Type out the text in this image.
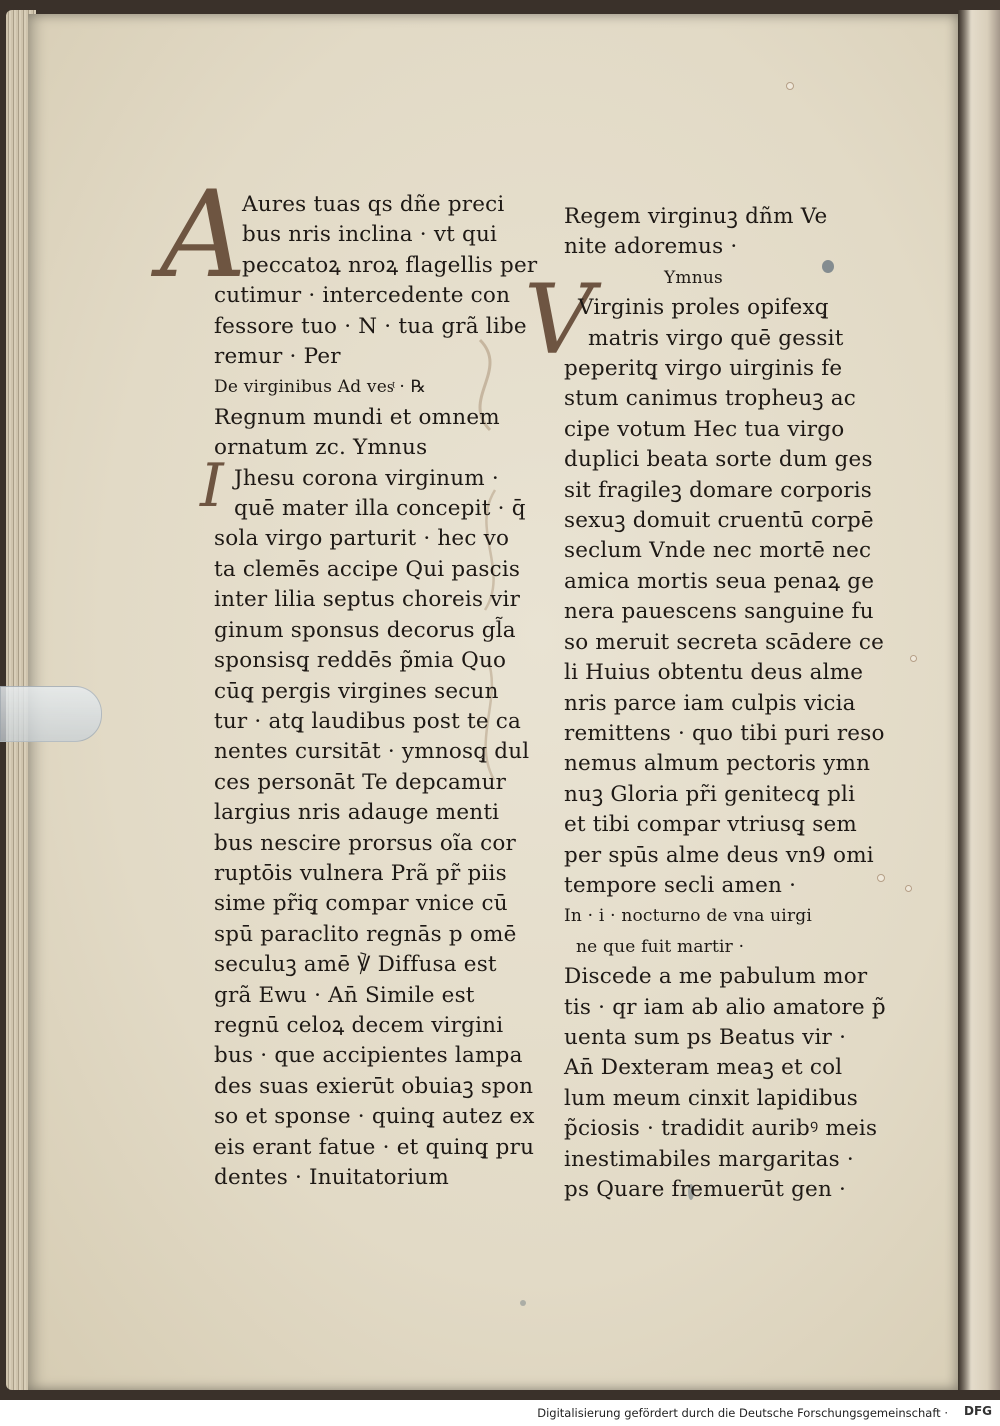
A
V
I
Aures tuas qs dñe preci
bus nris inclina · vt qui
peccatoꝝ nroꝝ flagellis per
cutimur · intercedente con
fessore tuo · N · tua grã libe
remur · Per
De virginibus Ad vesͭ · ℞
Regnum mundi et omnem
ornatum zc. Ymnus
Jhesu corona virginum ·
quē mater illa concepit · q̄
sola virgo parturit · hec vo
ta clemēs accipe Qui pascis
inter lilia septus choreis vir
ginum sponsus decorus gl̃a
sponsisq̧ reddēs p̃mia Quo
cūq̧ pergis virgines secun
tur · atq̧ laudibus post te ca
nentes cursitāt · ymnosq̧ dul
ces personāt Te depcamur
largius nris adauge menti
bus nescire prorsus oĩa cor
ruptōis vulnera Prã pr̃ piis
sime pr̃iq̧ compar vnice cū
spū paraclito regnās p omē
seculuꝫ amē ℣ Diffusa est
grã Ewu · An̄ Simile est
regnū celoꝝ decem virgini
bus · que accipientes lampa
des suas exierūt obuiaꝫ spon
so et sponse · quinq̧ autez ex
eis erant fatue · et quinq̧ pru
dentes · Inuitatorium
Regem virginuꝫ dñm Ve
nite adoremus ·
Ymnus
Virginis proles opifexq̧
matris virgo quē gessit
peperitq̧ virgo uirginis fe
stum canimus tropheuꝫ ac
cipe votum Hec tua virgo
duplici beata sorte dum ges
sit fragileꝫ domare corporis
sexuꝫ domuit cruentū corpē
seclum Vnde nec mortē nec
amica mortis seua penaꝝ ge
nera pauescens sanguine fu
so meruit secreta scādere ce
li Huius obtentu deus alme
nris parce iam culpis vicia
remittens · quo tibi puri reso
nemus almum pectoris ymn
nuꝫ Gloria pr̃i genitecq̧ pli
et tibi compar vtriusq̧ sem
per spūs alme deus vn9 omi
tempore secli amen ·
In · i · nocturno de vna uirgi
ne que fuit martir ·
Discede a me pabulum mor
tis · qr iam ab alio amatore p̃
uenta sum ps Beatus vir ·
An̄ Dexteram meaꝫ et col
lum meum cinxit lapidibus
p̃ciosis · tradidit auribꝰ meis
inestimabiles margaritas ·
ps Quare fremuerūt gen ·
Digitalisierung gefördert durch die Deutsche Forschungsgemeinschaft · DFG
